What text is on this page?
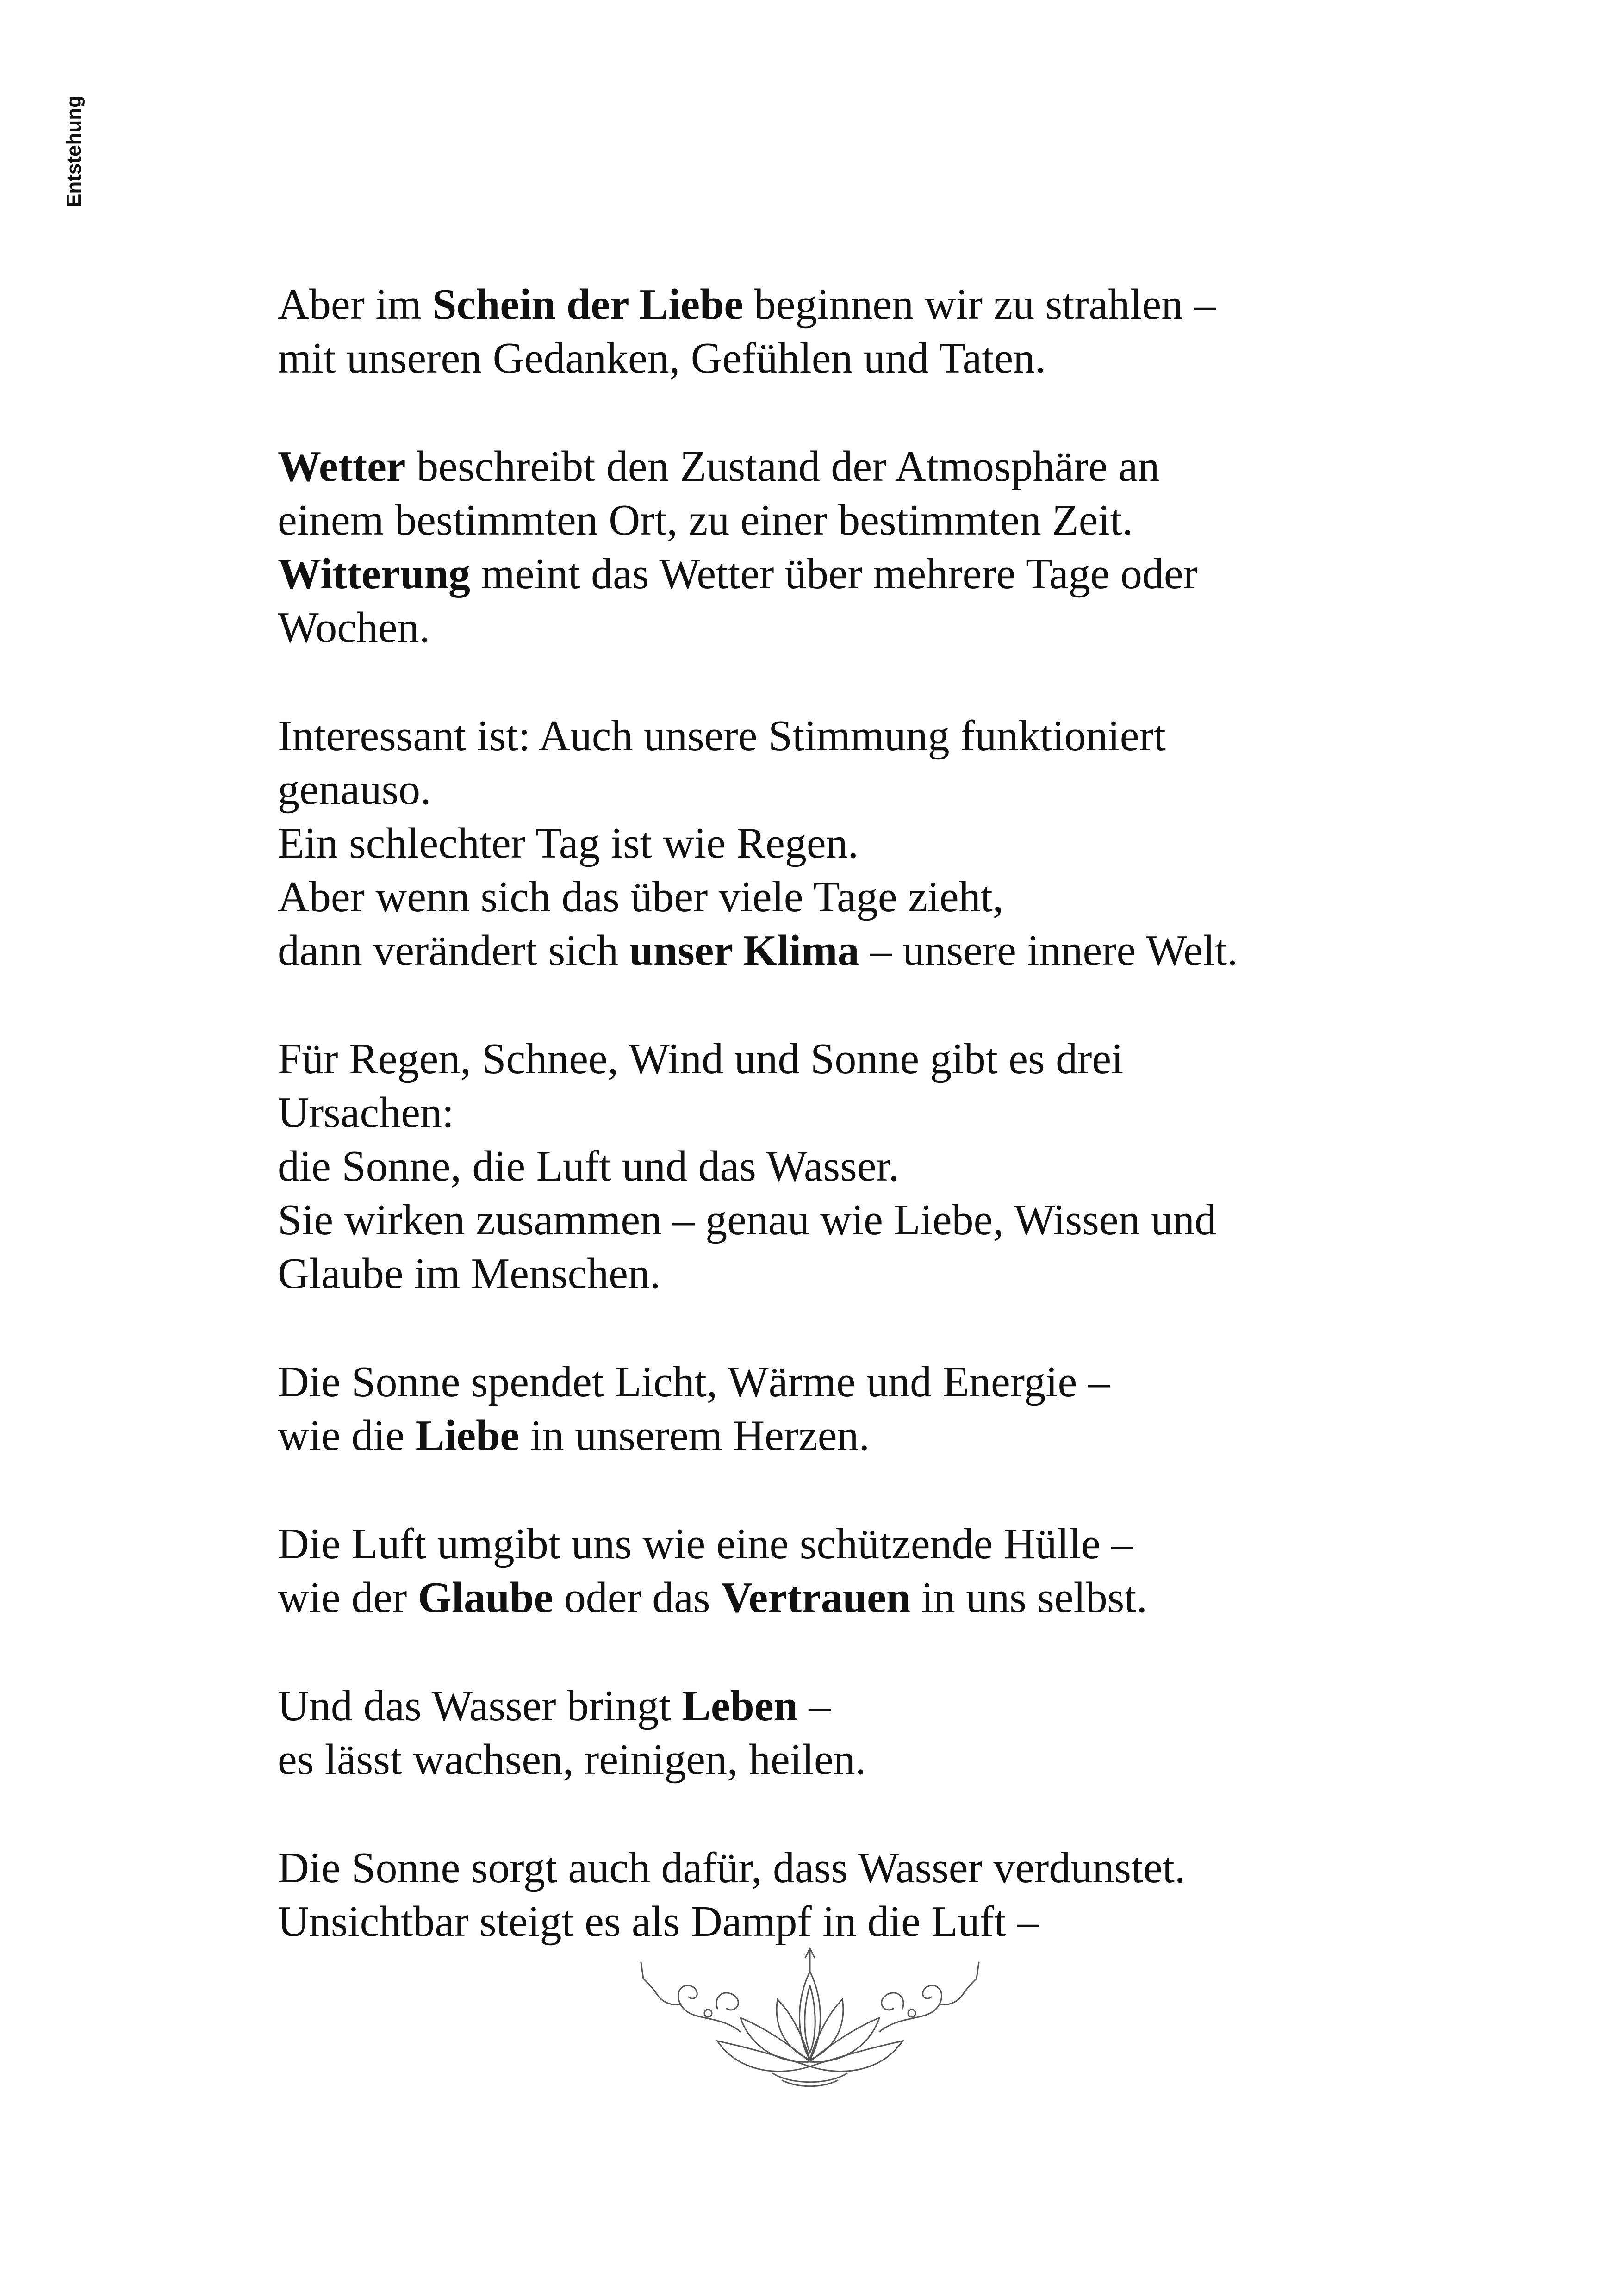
Entstehung
Aber im Schein der Liebe beginnen wir zu strahlen –
mit unseren Gedanken, Gefühlen und Taten.
Wetter beschreibt den Zustand der Atmosphäre an
einem bestimmten Ort, zu einer bestimmten Zeit.
Witterung meint das Wetter über mehrere Tage oder
Wochen.
Interessant ist: Auch unsere Stimmung funktioniert
genauso.
Ein schlechter Tag ist wie Regen.
Aber wenn sich das über viele Tage zieht,
dann verändert sich unser Klima – unsere innere Welt.
Für Regen, Schnee, Wind und Sonne gibt es drei
Ursachen:
die Sonne, die Luft und das Wasser.
Sie wirken zusammen – genau wie Liebe, Wissen und
Glaube im Menschen.
Die Sonne spendet Licht, Wärme und Energie –
wie die Liebe in unserem Herzen.
Die Luft umgibt uns wie eine schützende Hülle –
wie der Glaube oder das Vertrauen in uns selbst.
Und das Wasser bringt Leben –
es lässt wachsen, reinigen, heilen.
Die Sonne sorgt auch dafür, dass Wasser verdunstet.
Unsichtbar steigt es als Dampf in die Luft –
